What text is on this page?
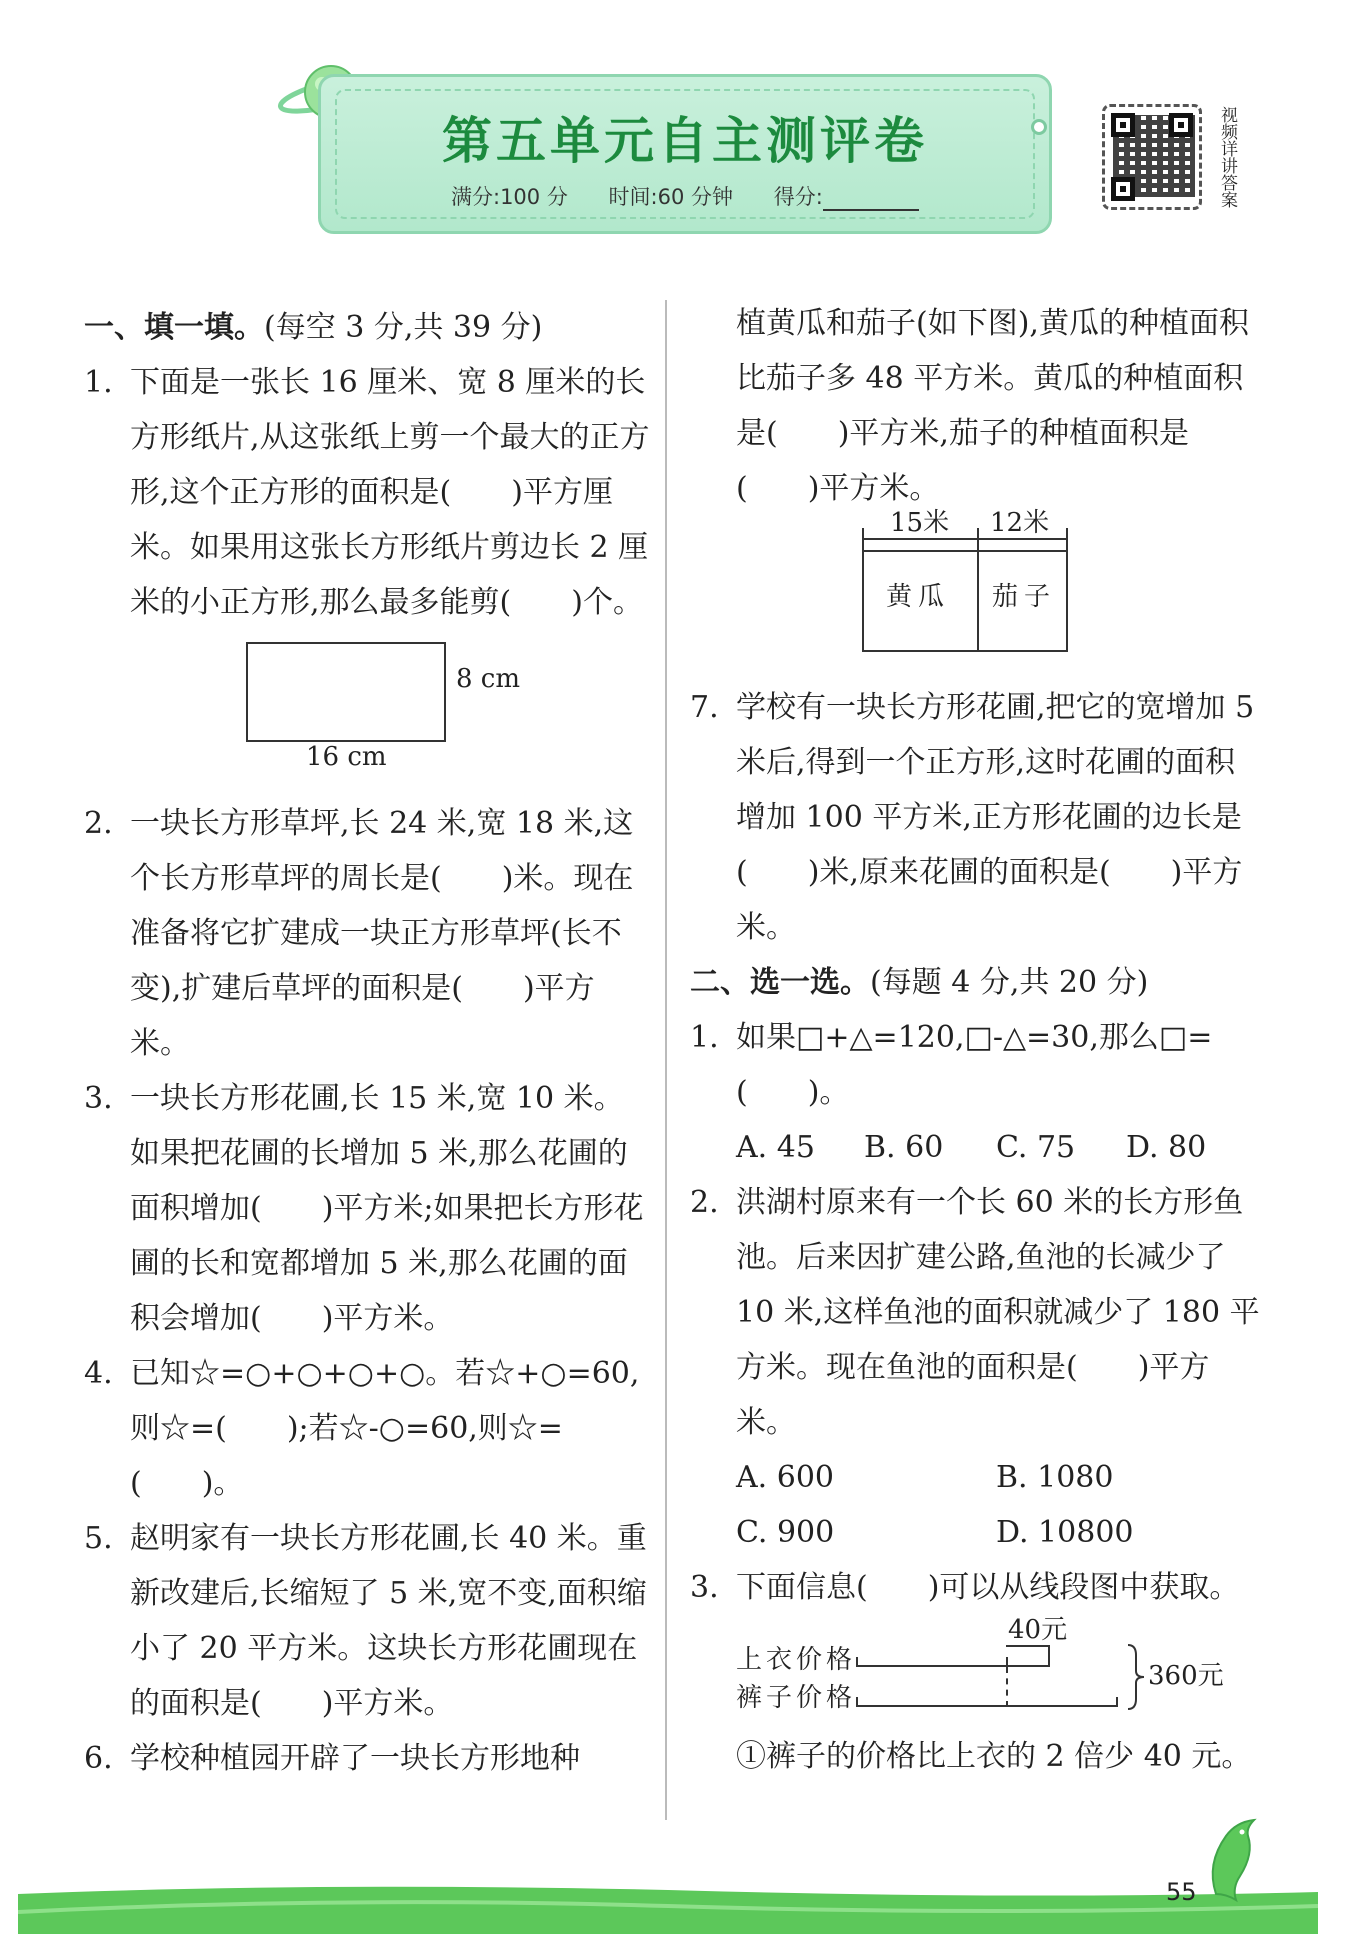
第五单元自主测评卷
满分:100 分 时间:60 分钟 得分:	视频详讲答案
一、填一填。(每空 3 分,共 39 分)
1. 下面是一张长 16 厘米、宽 8 厘米的长方形纸片,从这张纸上剪一个最大的正方形,这个正方形的面积是(　　)平方厘米。如果用这张长方形纸片剪边长 2 厘米的小正方形,那么最多能剪(　　)个。
8 cm
16 cm
2. 一块长方形草坪,长 24 米,宽 18 米,这个长方形草坪的周长是(　　)米。现在准备将它扩建成一块正方形草坪(长不变),扩建后草坪的面积是(　　)平方米。
3. 一块长方形花圃,长 15 米,宽 10 米。如果把花圃的长增加 5 米,那么花圃的面积增加(　　)平方米;如果把长方形花圃的长和宽都增加 5 米,那么花圃的面积会增加(　　)平方米。
4. 已知☆=○+○+○+○。若☆+○=60,则☆=(　　);若☆-○=60,则☆=(　　)。
5. 赵明家有一块长方形花圃,长 40 米。重新改建后,长缩短了 5 米,宽不变,面积缩小了 20 平方米。这块长方形花圃现在的面积是(　　)平方米。
6. 学校种植园开辟了一块长方形地种
植黄瓜和茄子(如下图),黄瓜的种植面积比茄子多 48 平方米。黄瓜的种植面积是(　　)平方米,茄子的种植面积是(　　)平方米。
15米 12米
黄瓜 茄子
7. 学校有一块长方形花圃,把它的宽增加 5 米后,得到一个正方形,这时花圃的面积增加 100 平方米,正方形花圃的边长是(　　)米,原来花圃的面积是(　　)平方米。
二、选一选。(每题 4 分,共 20 分)
1. 如果□+△=120,□-△=30,那么□=(　　)。
A. 45	B. 60	C. 75	D. 80
2. 洪湖村原来有一个长 60 米的长方形鱼池。后来因扩建公路,鱼池的长减少了 10 米,这样鱼池的面积就减少了 180 平方米。现在鱼池的面积是(　　)平方米。
A. 600	B. 1080
C. 900	D. 10800
3. 下面信息(　　)可以从线段图中获取。
40元
上衣价格
裤子价格
360元
①裤子的价格比上衣的 2 倍少 40 元。
55
